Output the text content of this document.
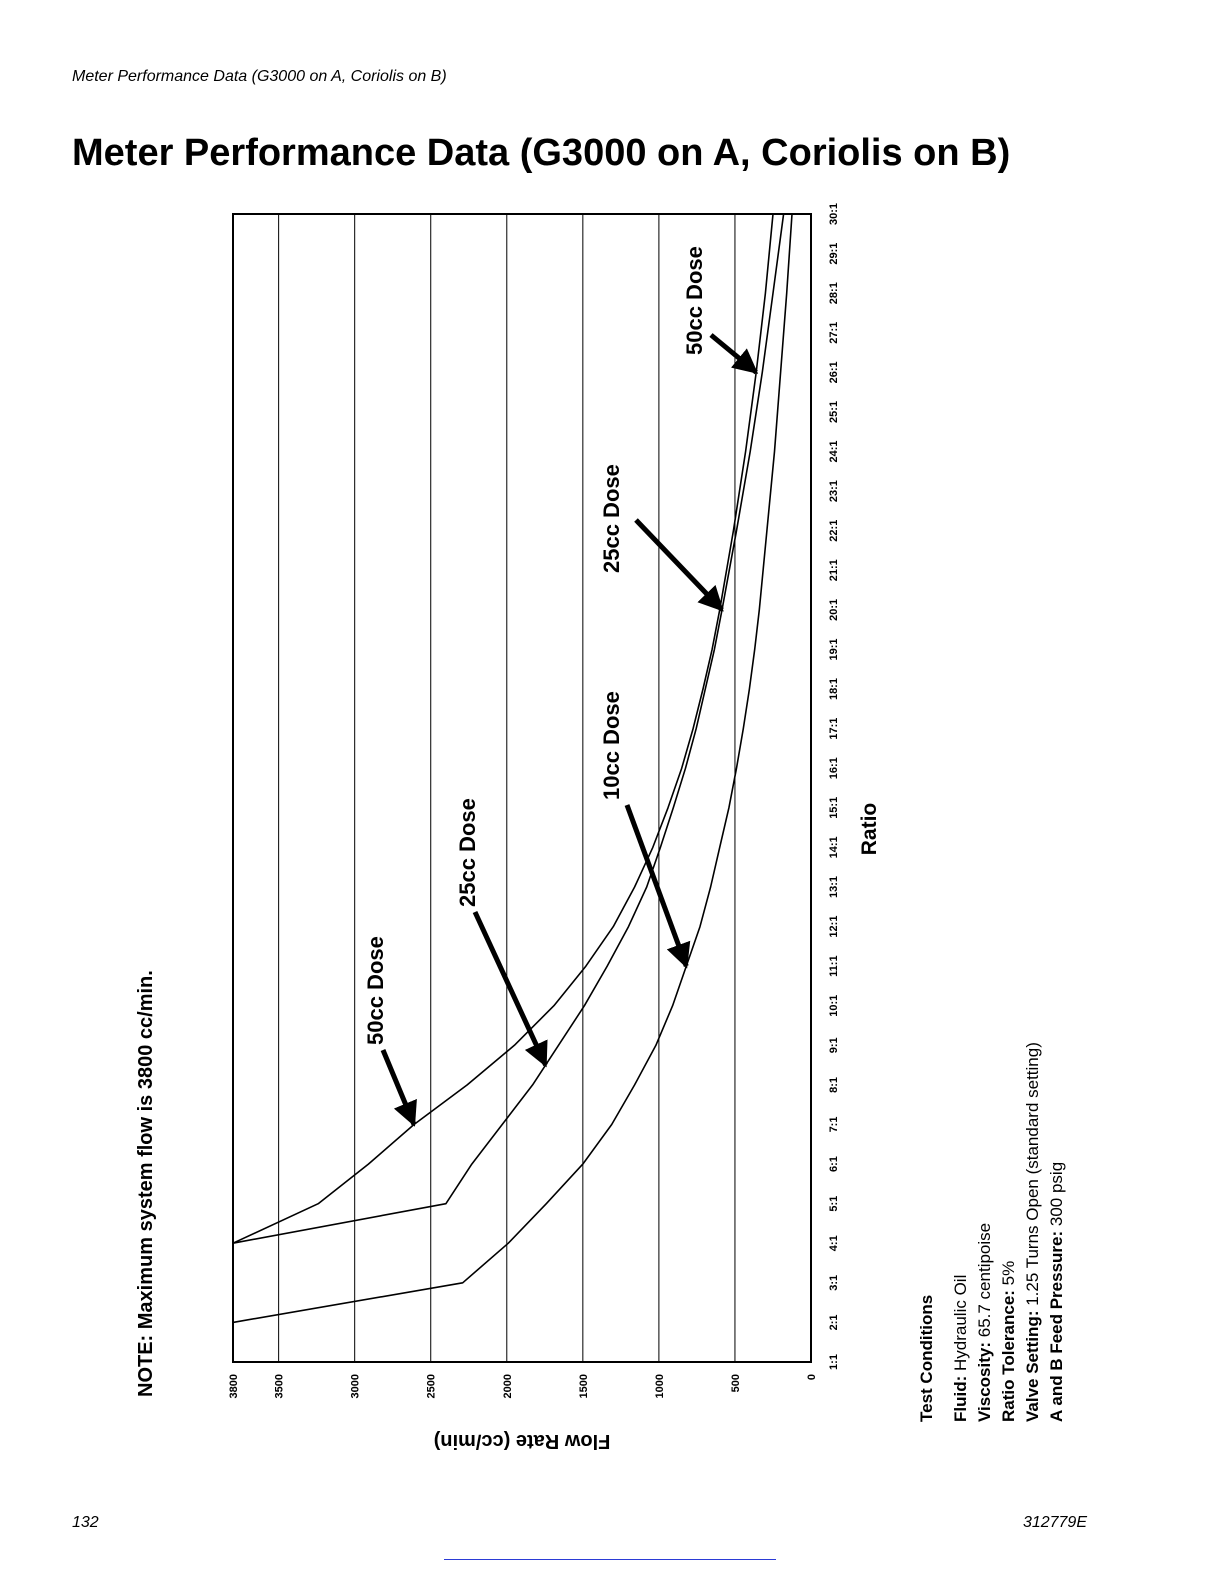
Meter Performance Data (G3000 on A, Coriolis on B)
Meter Performance Data (G3000 on A, Coriolis on B)
0
500
1000
1500
2000
2500
3000
3500
3800
1:1
2:1
3:1
4:1
5:1
6:1
7:1
8:1
9:1
10:1
11:1
12:1
13:1
14:1
15:1
16:1
17:1
18:1
19:1
20:1
21:1
22:1
23:1
24:1
25:1
26:1
27:1
28:1
29:1
30:1
50cc Dose
25cc Dose
10cc Dose
25cc Dose
50cc Dose
NOTE: Maximum system flow is 3800 cc/min.
Flow Rate (cc/min)
Ratio
Test Conditions Fluid: Hydraulic Oil
Viscosity: 65.7 centipoise
Ratio Tolerance: 5%
Valve Setting: 1.25 Turns Open (standard setting)
A and B Feed Pressure: 300 psig
132	312779E
